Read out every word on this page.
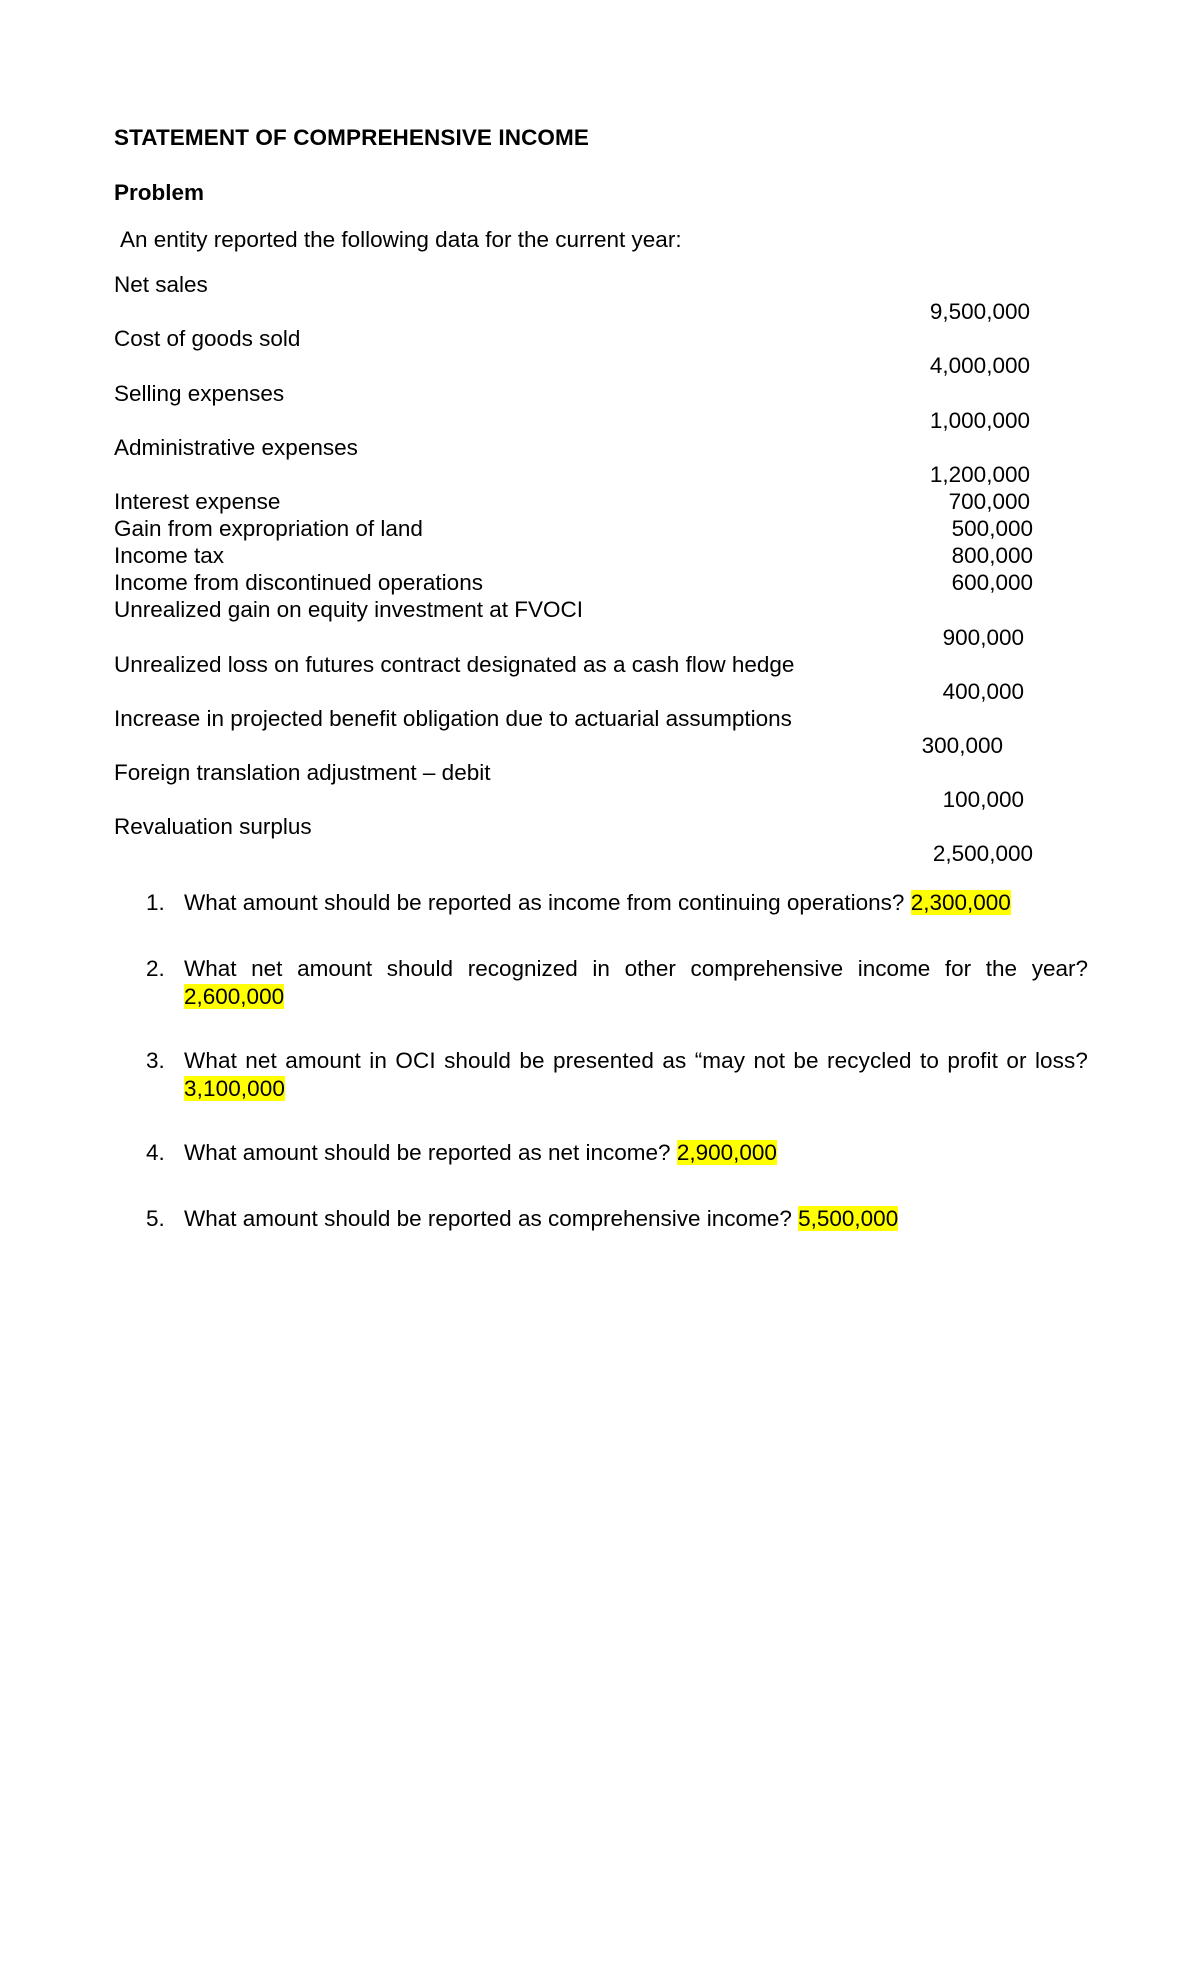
STATEMENT OF COMPREHENSIVE INCOME
Problem

An entity reported the following data for the current year:

Net sales
9,500,000
Cost of goods sold
4,000,000
Selling expenses
1,000,000
Administrative expenses
1,200,000
Interest expense	700,000
Gain from expropriation of land	500,000
Income tax	800,000
Income from discontinued operations	600,000
Unrealized gain on equity investment at FVOCI
900,000
Unrealized loss on futures contract designated as a cash flow hedge
400,000
Increase in projected benefit obligation due to actuarial assumptions
300,000
Foreign translation adjustment – debit
100,000
Revaluation surplus
2,500,000
1. What amount should be reported as income from continuing operations? 2,300,000
2. What net amount should recognized in other comprehensive income for the year? 2,600,000
3. What net amount in OCI should be presented as “may not be recycled to profit or loss? 3,100,000
4. What amount should be reported as net income? 2,900,000
5. What amount should be reported as comprehensive income? 5,500,000
